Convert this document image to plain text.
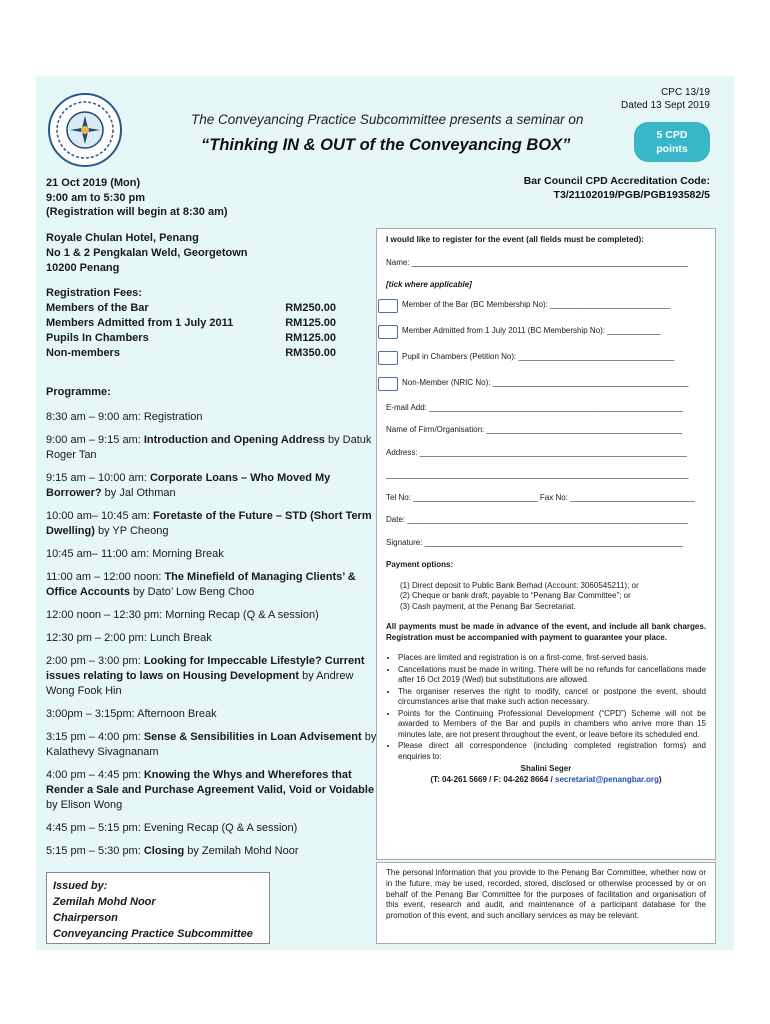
The Conveyancing Practice Subcommittee presents a seminar on
“Thinking IN & OUT of the Conveyancing BOX”
CPC 13/19
Dated 13 Sept 2019
5 CPD
points
Bar Council CPD Accreditation Code:
T3/21102019/PGB/PGB193582/5
21 Oct 2019 (Mon)
9:00 am to 5:30 pm
(Registration will begin at 8:30 am)
Royale Chulan Hotel, Penang
No 1 & 2 Pengkalan Weld, Georgetown
10200 Penang
Registration Fees:
Members of the Bar	RM250.00
Members Admitted from 1 July 2011	RM125.00
Pupils In Chambers	RM125.00
Non-members	RM350.00
Programme:
8:30 am – 9:00 am: Registration
9:00 am – 9:15 am: Introduction and Opening Address by Datuk Roger Tan
9:15 am – 10:00 am: Corporate Loans – Who Moved My Borrower? by Jal Othman
10:00 am– 10:45 am: Foretaste of the Future – STD (Short Term Dwelling) by YP Cheong
10:45 am– 11:00 am: Morning Break
11:00 am – 12:00 noon: The Minefield of Managing Clients’ & Office Accounts by Dato’ Low Beng Choo
12:00 noon – 12:30 pm: Morning Recap (Q & A session)
12:30 pm – 2:00 pm: Lunch Break
2:00 pm – 3:00 pm: Looking for Impeccable Lifestyle? Current issues relating to laws on Housing Development by Andrew Wong Fook Hin
3:00pm – 3:15pm: Afternoon Break
3:15 pm – 4:00 pm: Sense & Sensibilities in Loan Advisement by Kalathevy Sivagnanam
4:00 pm – 4:45 pm: Knowing the Whys and Wherefores that Render a Sale and Purchase Agreement Valid, Void or Voidable by Elison Wong
4:45 pm – 5:15 pm: Evening Recap (Q & A session)
5:15 pm – 5:30 pm: Closing by Zemilah Mohd Noor
Issued by:
Zemilah Mohd Noor
Chairperson
Conveyancing Practice Subcommittee
I would like to register for the event (all fields must be completed):
Name: ______________________________________________________________
[tick where applicable]
Member of the Bar (BC Membership No): ___________________________
Member Admitted from 1 July 2011 (BC Membership No): ____________
Pupil in Chambers (Petition No): ___________________________________
Non-Member (NRIC No): ____________________________________________
E-mail Add: _________________________________________________________
Name of Firm/Organisation: ____________________________________________
Address: ____________________________________________________________
____________________________________________________________________
Tel No: ____________________________ Fax No: ____________________________
Date: _______________________________________________________________
Signature: __________________________________________________________
Payment options:
(1) Direct deposit to Public Bank Berhad (Account: 3060545211); or
(2) Cheque or bank draft, payable to “Penang Bar Committee”; or
(3) Cash payment, at the Penang Bar Secretariat.
All payments must be made in advance of the event, and include all bank charges. Registration must be accompanied with payment to guarantee your place.
• Places are limited and registration is on a first-come, first-served basis.
• Cancellations must be made in writing. There will be no refunds for cancellations made after 16 Oct 2019 (Wed) but substitutions are allowed.
• The organiser reserves the right to modify, cancel or postpone the event, should circumstances arise that make such action necessary.
• Points for the Continuing Professional Development (“CPD”) Scheme will not be awarded to Members of the Bar and pupils in chambers who arrive more than 15 minutes late, are not present throughout the event, or leave before its scheduled end.
• Please direct all correspondence (including completed registration forms) and enquiries to:
Shalini Seger
(T: 04-261 5669 / F: 04-262 8664 / secretariat@penangbar.org)
The personal information that you provide to the Penang Bar Committee, whether now or in the future, may be used, recorded, stored, disclosed or otherwise processed by or on behalf of the Penang Bar Committee for the purposes of facilitation and organisation of this event, research and audit, and maintenance of a participant database for the promotion of this event, and such ancillary services as may be relevant.
